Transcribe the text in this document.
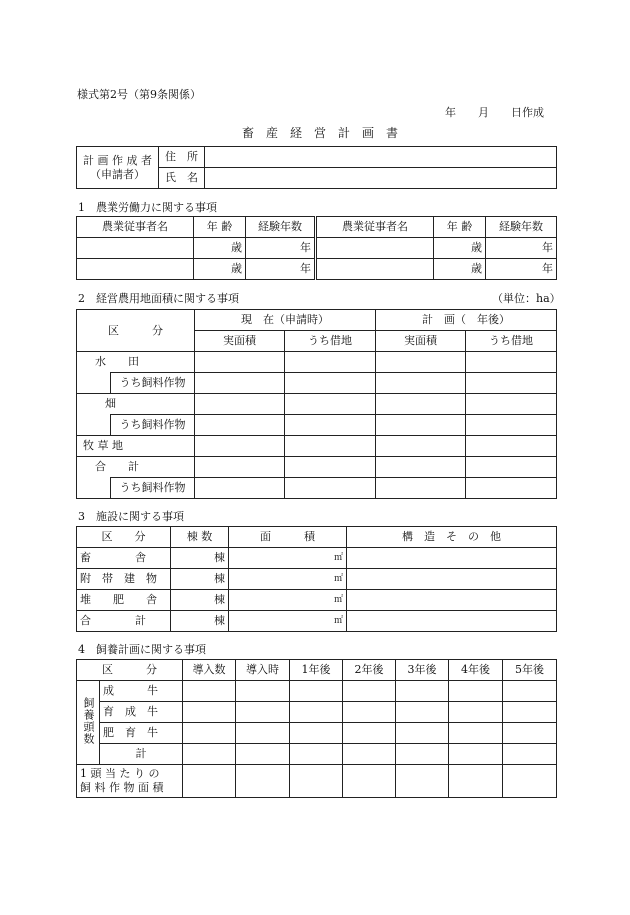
様式第2号（第9条関係）
年　　月　　日作成
畜　産　経　営　計　画　書
計 画 作 成 者
（申請者）	住　所	
	氏　名	
1　農業労働力に関する事項
農業従事者名	年 齢	経験年数	農業従事者名	年 齢	経験年数
	歳	年		歳	年
	歳	年		歳	年
2　経営農用地面積に関する事項	（単位：ha）
区　　　分		現　在（申請時）		計　画（　年後）	
		実面積	うち借地	実面積	うち借地
水　　田					
	うち飼料作物				
畑					
	うち飼料作物				
牧 草 地					
合　　計					
	うち飼料作物				
3　施設に関する事項
区　　分	棟 数	面　　　積	構　造　そ　の　他
畜　　　　舎	棟	㎡	
附　帯　建　物	棟	㎡	
堆　　肥　　舎	棟	㎡	
合　　　　計	棟	㎡	
4　飼養計画に関する事項
区　　　分		導入数	導入時	1年後	2年後	3年後	4年後	5年後
飼養頭数	成　　　牛							
	育　成　牛							
	肥　育　牛							
	計							

1 頭 当 た り の
飼 料 作 物 面 積								
